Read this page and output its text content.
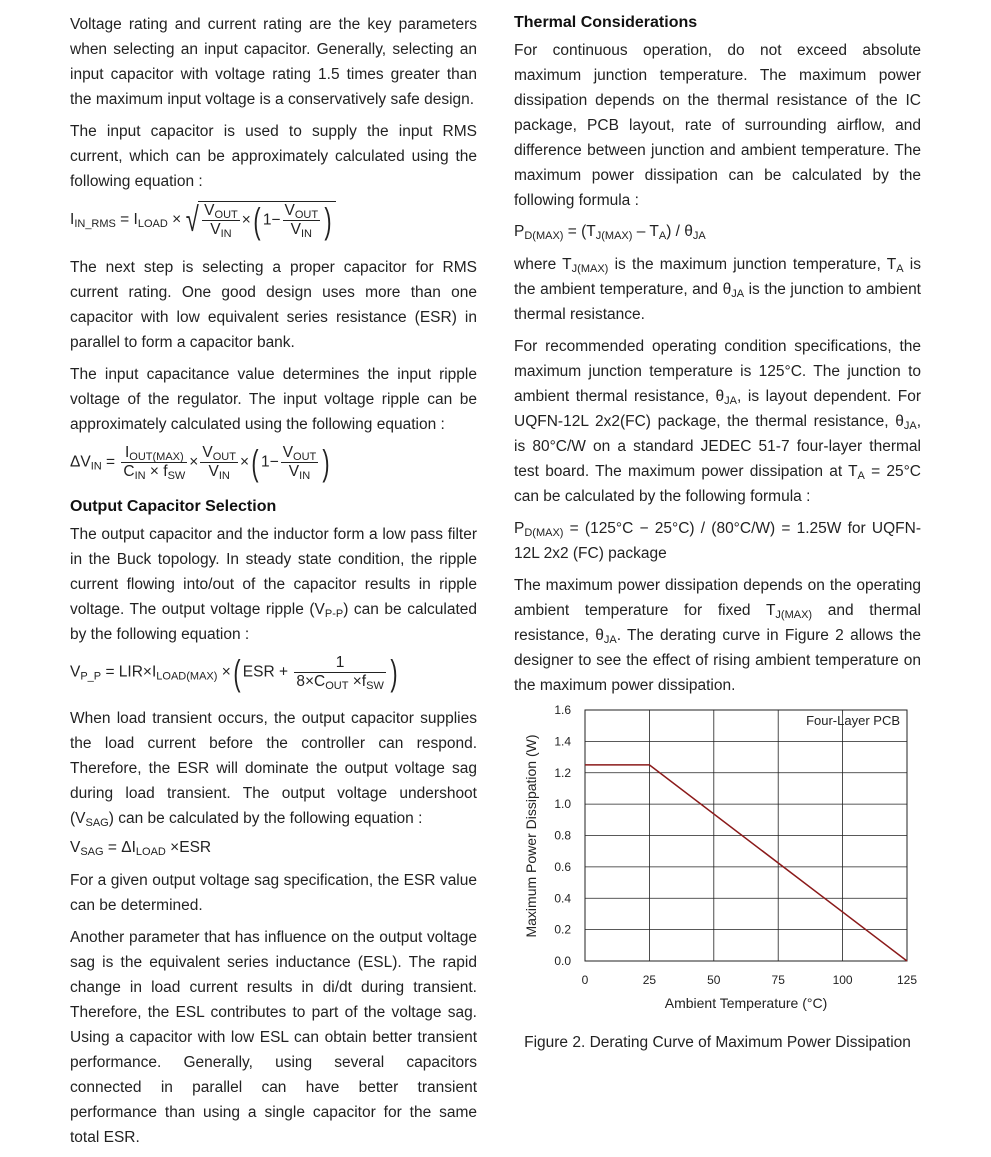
Voltage rating and current rating are the key parameters when selecting an input capacitor. Generally, selecting an input capacitor with voltage rating 1.5 times greater than the maximum input voltage is a conservatively safe design.

The input capacitor is used to supply the input RMS current, which can be approximately calculated using the following equation :

$I_{IN\_RMS} = I_{LOAD}$ × √ $\frac{V_{OUT}}{V_{IN}}$ ×( $1- \frac{V_{OUT}}{V_{IN}}$ )

The next step is selecting a proper capacitor for RMS current rating. One good design uses more than one capacitor with low equivalent series resistance (ESR) in parallel to form a capacitor bank.

The input capacitance value determines the input ripple voltage of the regulator. The input voltage ripple can be approximately calculated using the following equation :

$\Delta V_{IN} = \frac{I_{OUT(MAX)}}{C_{IN} \times f_{SW}} \times \frac{V_{OUT}}{V_{IN}}$ ×( $1- \frac{V_{OUT}}{V_{IN}}$ )
Output Capacitor Selection

The output capacitor and the inductor form a low pass filter in the Buck topology. In steady state condition, the ripple current flowing into/out of the capacitor results in ripple voltage. The output voltage ripple $(V_{P-P})$ can be calculated by the following equation :

$V_{P\_P} = LIR\times I_{LOAD(MAX)}$ ×( ESR + $\frac{1}{8\times C_{OUT} \times f_{SW}}$ )

When load transient occurs, the output capacitor supplies the load current before the controller can respond. Therefore, the ESR will dominate the output voltage sag during load transient. The output voltage undershoot $(V_{SAG})$ can be calculated by the following equation :

$V_{SAG} = \Delta I_{LOAD} \times ESR$

For a given output voltage sag specification, the ESR value can be determined.

Another parameter that has influence on the output voltage sag is the equivalent series inductance (ESL). The rapid change in load current results in di/dt during transient. Therefore, the ESL contributes to part of the voltage sag. Using a capacitor with low ESL can obtain better transient performance. Generally, using several capacitors connected in parallel can have better transient performance than using a single capacitor for the same total ESR.

Thermal Considerations

For continuous operation, do not exceed absolute maximum junction temperature. The maximum power dissipation depends on the thermal resistance of the IC package, PCB layout, rate of surrounding airflow, and difference between junction and ambient temperature. The maximum power dissipation can be calculated by the following formula :

$P_{D(MAX)} = (T_{J(MAX)} - T_A) / \theta_{JA}$

where $T_{J(MAX)}$ is the maximum junction temperature, $T_A$ is the ambient temperature, and $\theta_{JA}$ is the junction to ambient thermal resistance.

For recommended operating condition specifications, the maximum junction temperature is 125°C. The junction to ambient thermal resistance, $\theta_{JA}$, is layout dependent. For UQFN-12L 2x2(FC) package, the thermal resistance, $\theta_{JA}$, is 80°C/W on a standard JEDEC 51-7 four-layer thermal test board. The maximum power dissipation at $T_A = 25^\circ C$ can be calculated by the following formula :

$P_{D(MAX)} = (125^\circ C - 25^\circ C) / (80^\circ C/W) = 1.25W$ for UQFN-12L 2x2 (FC) package

The maximum power dissipation depends on the operating ambient temperature for fixed $T_{J(MAX)}$ and thermal resistance, $\theta_{JA}$. The derating curve in Figure 2 allows the designer to see the effect of rising ambient temperature on the maximum power dissipation.

0	25	50	75	100	125
0.0
0.2
0.4
0.6
0.8
1.0
1.2
1.4
1.6
Four-Layer PCB
Ambient Temperature (°C)
Maximum Power Dissipation (W)
Figure 2. Derating Curve of Maximum Power Dissipation
